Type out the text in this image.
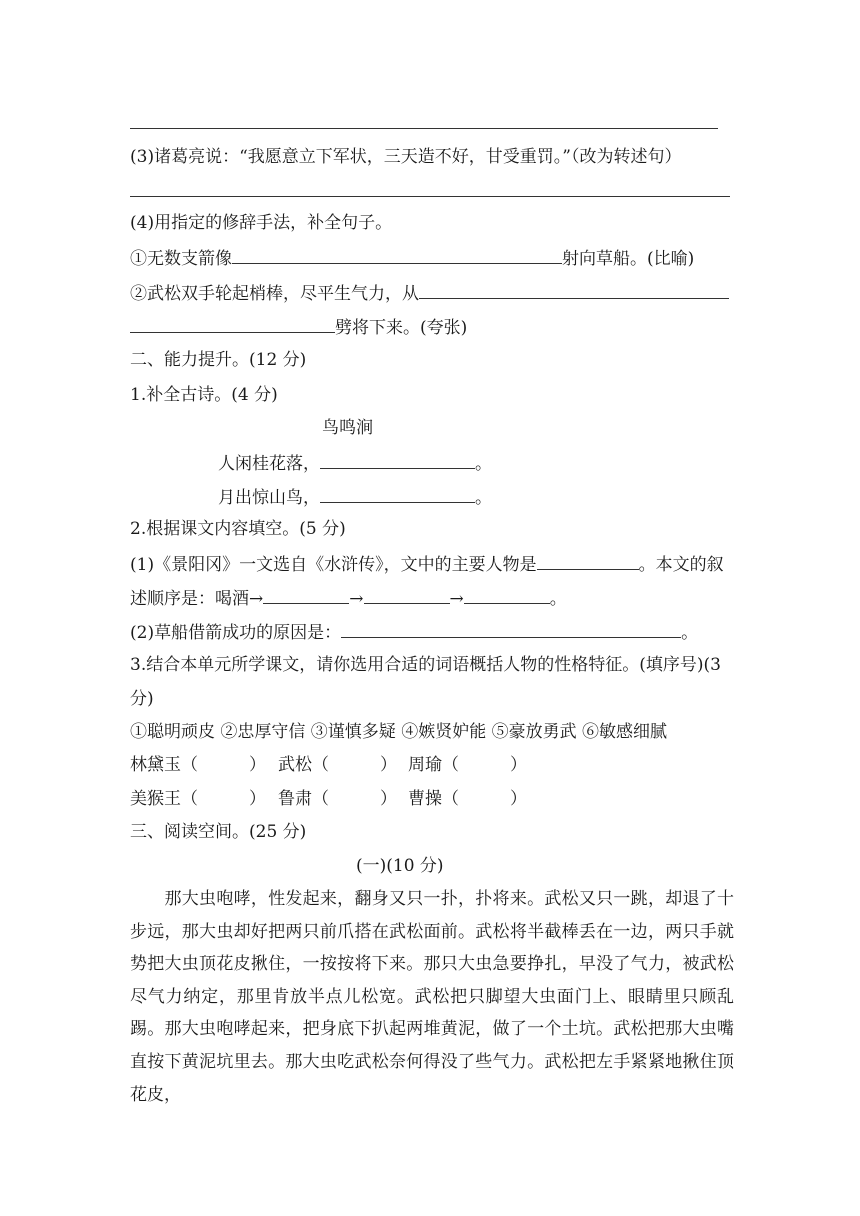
(3)诸葛亮说：“我愿意立下军状，三天造不好，甘受重罚。”（改为转述句）
(4)用指定的修辞手法，补全句子。
①无数支箭像	射向草船。(比喻)
②武松双手轮起梢棒，尽平生气力，从
劈将下来。(夸张)
二、能力提升。(12 分)
1.补全古诗。(4 分)
鸟鸣涧
人闲桂花落，	。
月出惊山鸟，	。
2.根据课文内容填空。(5 分)
(1)《景阳冈》一文选自《水浒传》，文中的主要人物是	。本文的叙
述顺序是：喝酒→	→	→	。
(2)草船借箭成功的原因是：	。
3.结合本单元所学课文，请你选用合适的词语概括人物的性格特征。(填序号)(3
分)
①聪明顽皮 ②忠厚守信 ③谨慎多疑 ④嫉贤妒能 ⑤豪放勇武 ⑥敏感细腻
林黛玉（　　　） 武松（　　　） 周瑜（　　　）
美猴王（　　　） 鲁肃（　　　） 曹操（　　　）
三、阅读空间。(25 分)
(一)(10 分)
　　那大虫咆哮，性发起来，翻身又只一扑，扑将来。武松又只一跳，却退了十步远，那大虫却好把两只前爪搭在武松面前。武松将半截棒丢在一边，两只手就势把大虫顶花皮揪住，一按按将下来。那只大虫急要挣扎，早没了气力，被武松尽气力纳定，那里肯放半点儿松宽。武松把只脚望大虫面门上、眼睛里只顾乱踢。那大虫咆哮起来，把身底下扒起两堆黄泥，做了一个土坑。武松把那大虫嘴直按下黄泥坑里去。那大虫吃武松奈何得没了些气力。武松把左手紧紧地揪住顶花皮，
